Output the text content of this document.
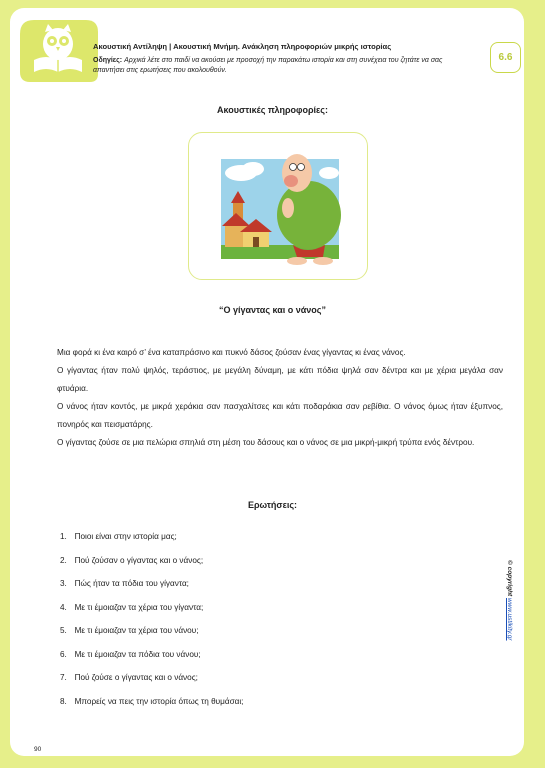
6.6
Ακουστική Αντίληψη | Ακουστική Μνήμη. Ανάκληση πληροφοριών μικρής ιστορίας
Οδηγίες: Αρχικά λέτε στο παιδί να ακούσει με προσοχή την παρακάτω ιστορία και στη συνέχεια του ζητάτε να σας απαντήσει στις ερωτήσεις που ακολουθούν.
Ακουστικές πληροφορίες:
“Ο γίγαντας και ο νάνος”

Μια φορά κι ένα καιρό σ’ ένα καταπράσινο και πυκνό δάσος ζούσαν ένας γίγαντας κι ένας νάνος.

Ο γίγαντας ήταν πολύ ψηλός, τεράστιος, με μεγάλη δύναμη, με κάτι πόδια ψηλά σαν δέντρα και με χέρια μεγάλα σαν φτυάρια.

Ο νάνος ήταν κοντός, με μικρά χεράκια σαν πασχαλίτσες και κάτι ποδαράκια σαν ρεβίθια. Ο νάνος όμως ήταν έξυπνος, πονηρός και πεισματάρης.

Ο γίγαντας ζούσε σε μια πελώρια σπηλιά στη μέση του δάσους και ο νάνος σε μια μικρή-μικρή τρύπα ενός δέντρου.

Ερωτήσεις:
1.
Ποιοι είναι στην ιστορία μας;
2.
Πού ζούσαν ο γίγαντας και ο νάνος;
3.
Πώς ήταν τα πόδια του γίγαντα;
4.
Με τι έμοιαζαν τα χέρια του γίγαντα;
5.
Με τι έμοιαζαν τα χέρια του νάνου;
6.
Με τι έμοιαζαν τα πόδια του νάνου;
7.
Πού ζούσε ο γίγαντας και ο νάνος;
8.
Μπορείς να πεις την ιστορία όπως τη θυμάσαι;
© copyright www.ustikity.gr
90
